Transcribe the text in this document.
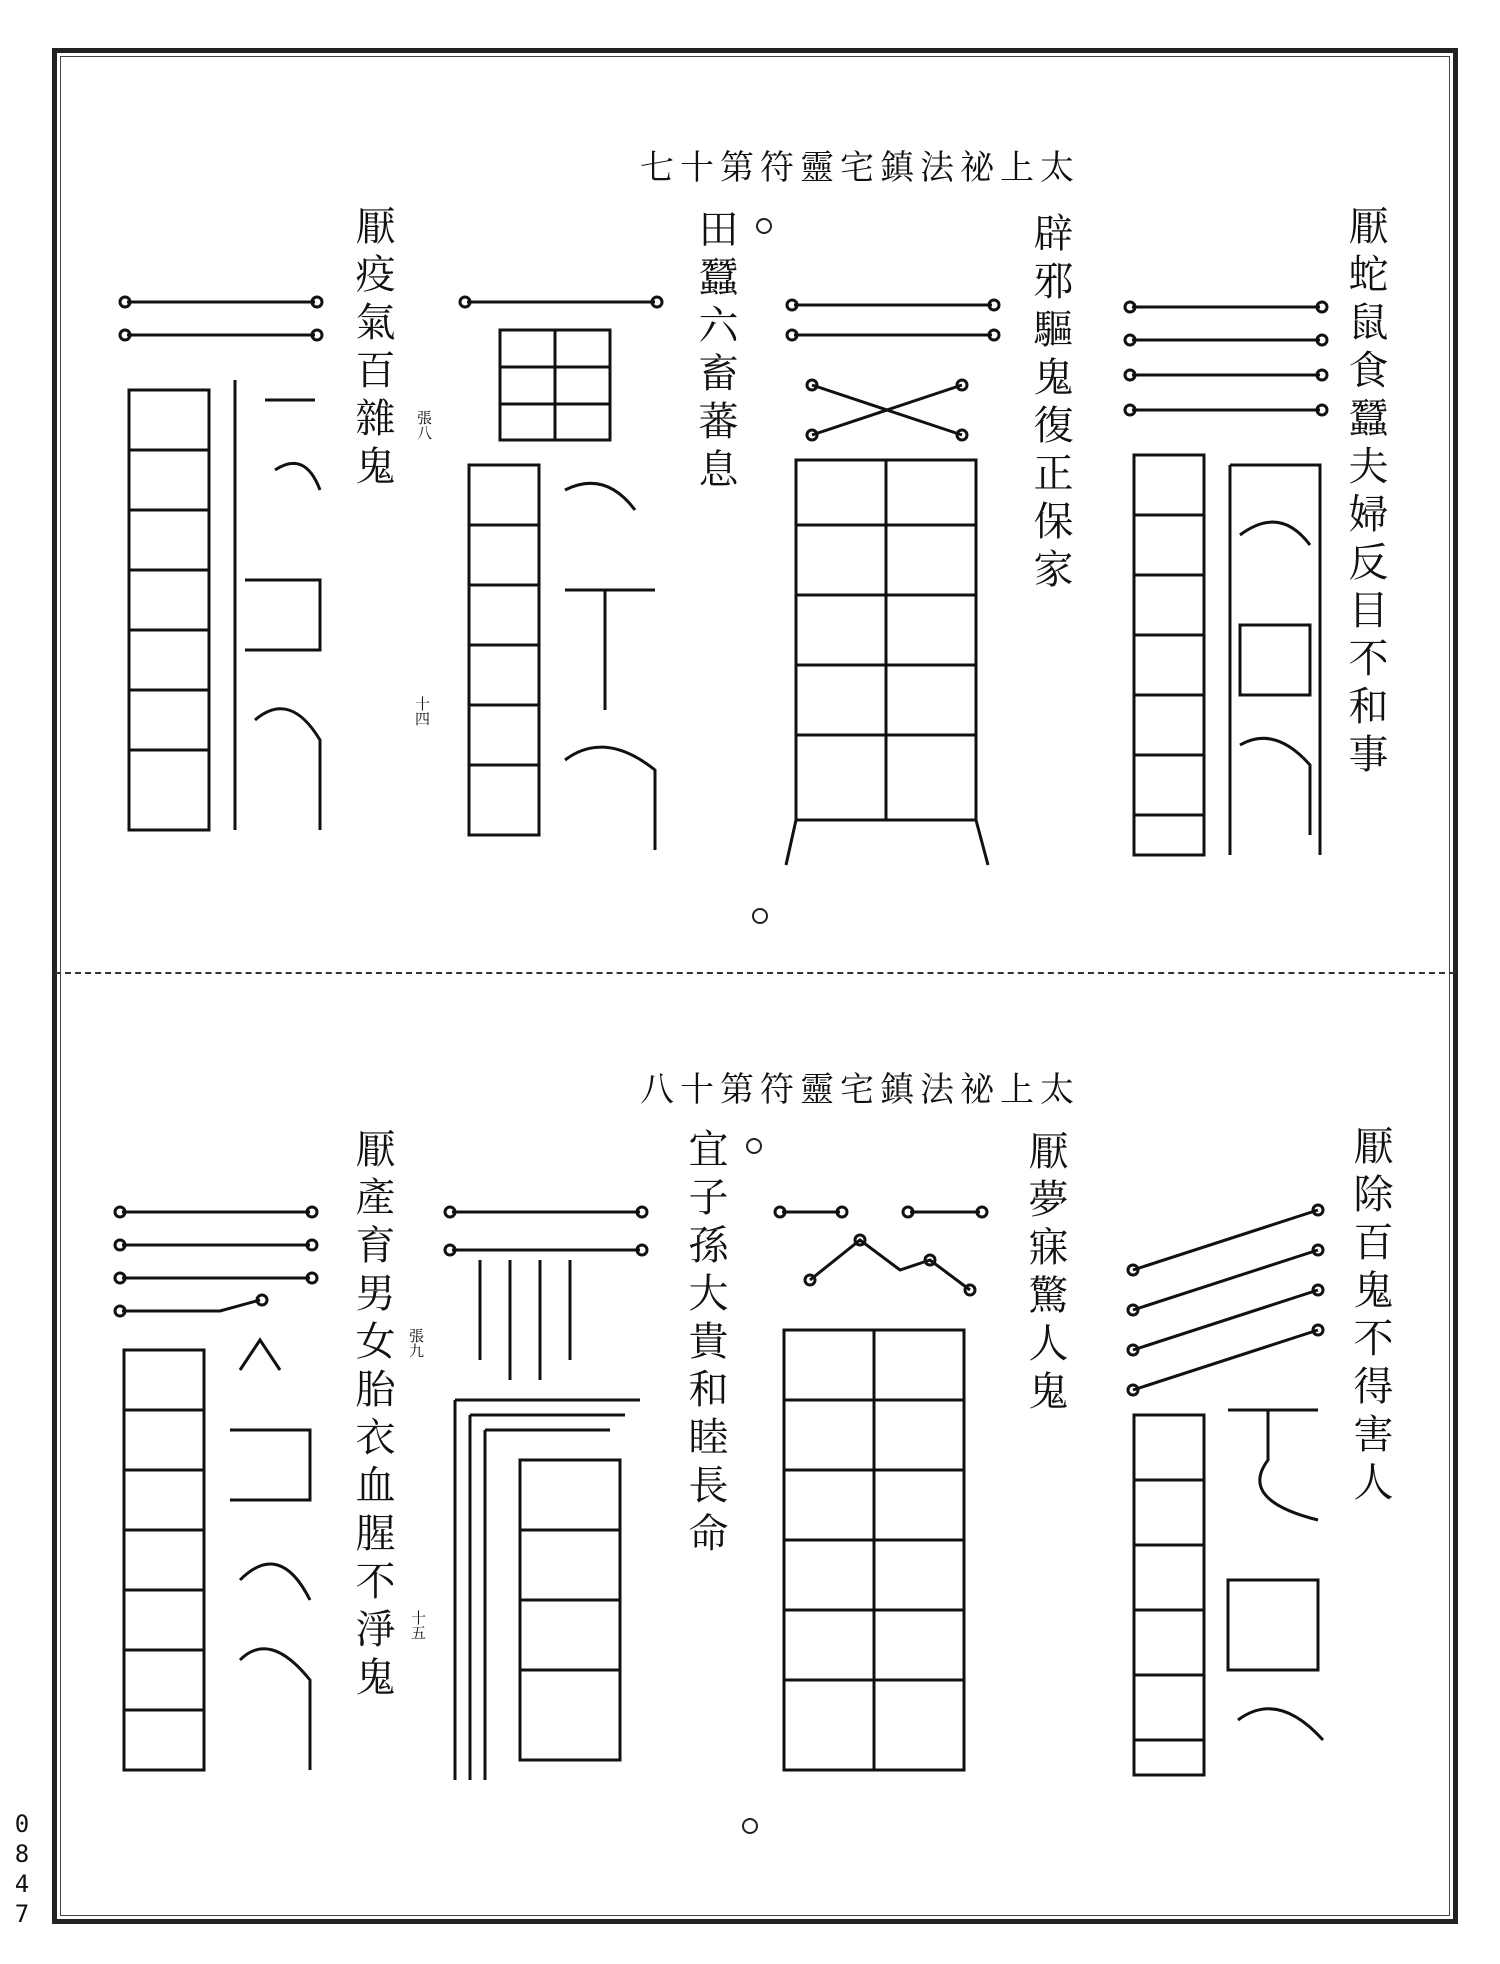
太上祕法鎮宅靈符第十七
厭蛇鼠食蠶夫婦反目不和事
辟邪驅鬼復正保家
田蠶六畜蕃息
厭疫氣百雜鬼 張八
十四
太上祕法鎮宅靈符第十八
厭除百鬼不得害人
厭夢寐驚人鬼
宜子孫大貴和睦長命
厭產育男女胎衣血腥不淨鬼 張九
十五
0847
